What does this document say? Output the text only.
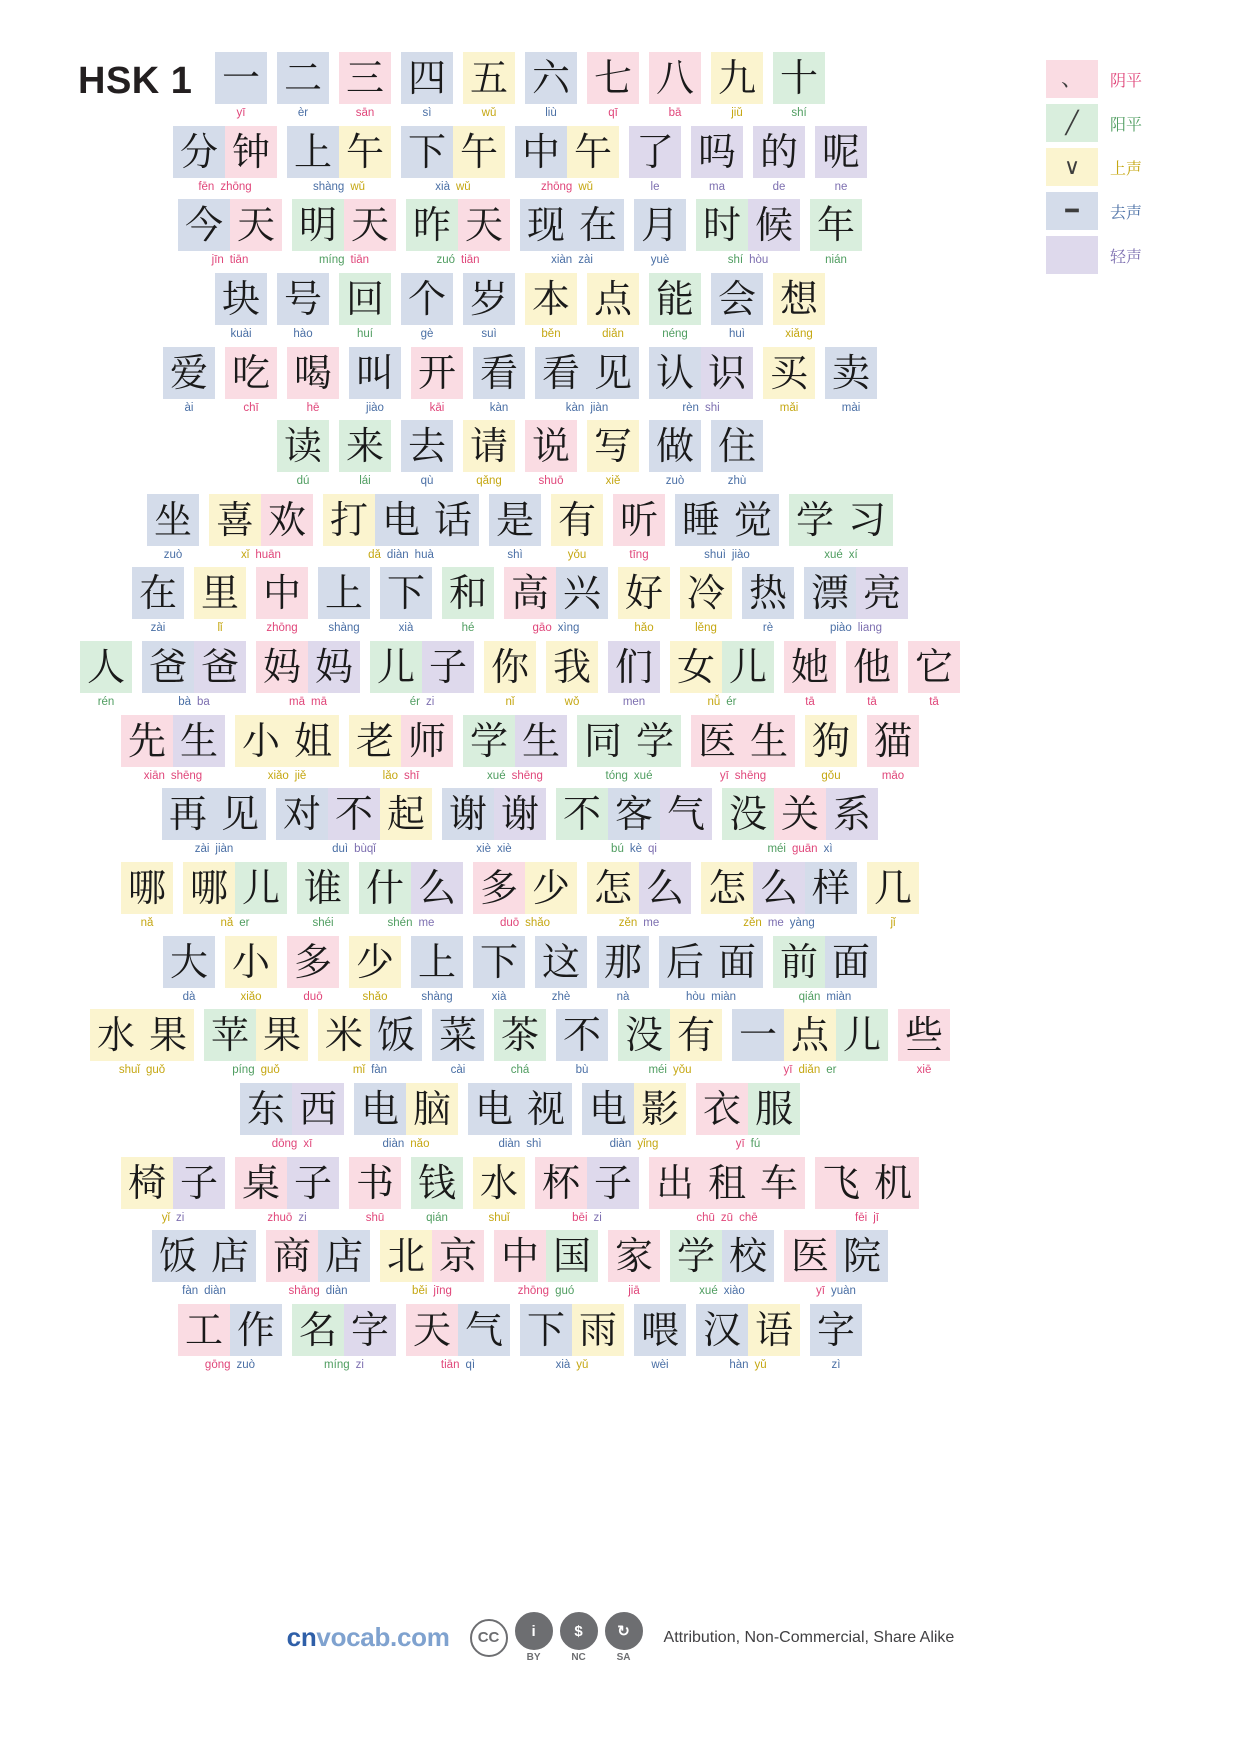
HSK 1	、	阴平
╱	阳平
∨	上声
━	去声
轻声
一
yī
二
èr
三
sān
四
sì
五
wǔ
六
liù
七
qī
八
bā
九
jiǔ
十
shí
分 钟
fēn zhōng
上 午
shàng wǔ
下 午
xià wǔ
中 午
zhōng wǔ
了
le
吗
ma
的
de
呢
ne
今 天
jīn tiān
明 天
míng tiān
昨 天
zuó tiān
现 在
xiàn zài
月
yuè
时 候
shí hòu
年
nián
块
kuài
号
hào
回
huí
个
gè
岁
suì
本
běn
点
diǎn
能
néng
会
huì
想
xiǎng
爱
ài
吃
chī
喝
hē
叫
jiào
开
kāi
看
kàn
看 见
kàn jiàn
认 识
rèn shi
买
mǎi
卖
mài
读
dú
来
lái
去
qù
请
qǎng
说
shuō
写
xiě
做
zuò
住
zhù
坐
zuò
喜 欢
xǐ huān
打 电 话
dǎ diàn huà
是
shì
有
yǒu
听
tīng
睡 觉
shuì jiào
学 习
xué xí
在
zài
里
lǐ
中
zhōng
上
shàng
下
xià
和
hé
高 兴
gāo xìng
好
hǎo
冷
lěng
热
rè
漂 亮
piào liang
人
rén
爸 爸
bà ba
妈 妈
mā mā
儿 子
ér zi
你
nǐ
我
wǒ
们
men
女 儿
nǚ ér
她
tā
他
tā
它
tā
先 生
xiān shēng
小 姐
xiǎo jiě
老 师
lǎo shī
学 生
xué shēng
同 学
tóng xué
医 生
yī shēng
狗
gǒu
猫
māo
再 见
zài jiàn
对 不 起
duì bùqǐ
谢 谢
xiè xiè
不 客 气
bú kè qi
没 关 系
méi guān xì
哪
nǎ
哪 儿
nǎ er
谁
shéi
什 么
shén me
多 少
duō shǎo
怎 么
zěn me
怎 么 样
zěn me yàng
几
jǐ
大
dà
小
xiǎo
多
duō
少
shǎo
上
shàng
下
xià
这
zhè
那
nà
后 面
hòu miàn
前 面
qián miàn
水 果
shuǐ guǒ
苹 果
píng guǒ
米 饭
mǐ fàn
菜
cài
茶
chá
不
bù
没 有
méi yǒu
一 点 儿
yī diǎn er
些
xiē
东 西
dōng xī
电 脑
diàn nǎo
电 视
diàn shì
电 影
diàn yǐng
衣 服
yī fú
椅 子
yǐ zi
桌 子
zhuō zi
书
shū
钱
qián
水
shuǐ
杯 子
bēi zi
出 租 车
chū zū chē
飞 机
fēi jī
饭 店
fàn diàn
商 店
shāng diàn
北 京
běi jīng
中 国
zhōng guó
家
jiā
学 校
xué xiào
医 院
yī yuàn
工 作
gōng zuò
名 字
míng zi
天 气
tiān qì
下 雨
xià yǔ
喂
wèi
汉 语
hàn yǔ
字
zì
cnvocab.com	CC	i
BY
$
NC
↻
SA
Attribution, Non-Commercial, Share Alike
